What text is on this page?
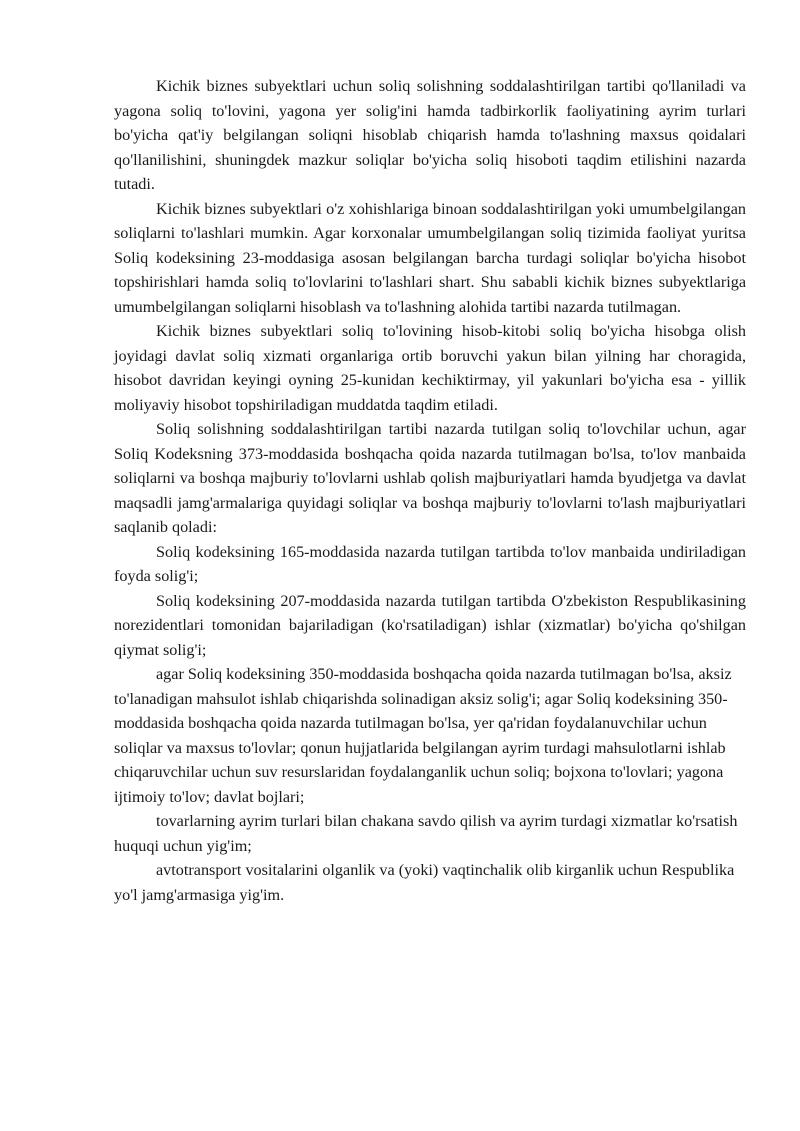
Kichik biznes subyektlari uchun soliq solishning soddalashtirilgan tartibi qo'llaniladi va yagona soliq to'lovini, yagona yer solig'ini hamda tadbirkorlik faoliyatining ayrim turlari bo'yicha qat'iy belgilangan soliqni hisoblab chiqarish hamda to'lashning maxsus qoidalari qo'llanilishini, shuningdek mazkur soliqlar bo'yicha soliq hisoboti taqdim etilishini nazarda tutadi.

Kichik biznes subyektlari o'z xohishlariga binoan soddalashtirilgan yoki umumbelgilangan soliqlarni to'lashlari mumkin. Agar korxonalar umumbelgilangan soliq tizimida faoliyat yuritsa Soliq kodeksining 23-moddasiga asosan belgilangan barcha turdagi soliqlar bo'yicha hisobot topshirishlari hamda soliq to'lovlarini to'lashlari shart. Shu sababli kichik biznes subyektlariga umumbelgilangan soliqlarni hisoblash va to'lashning alohida tartibi nazarda tutilmagan.

Kichik biznes subyektlari soliq to'lovining hisob-kitobi soliq bo'yicha hisobga olish joyidagi davlat soliq xizmati organlariga ortib boruvchi yakun bilan yilning har choragida, hisobot davridan keyingi oyning 25-kunidan kechiktirmay, yil yakunlari bo'yicha esa - yillik moliyaviy hisobot topshiriladigan muddatda taqdim etiladi.

Soliq solishning soddalashtirilgan tartibi nazarda tutilgan soliq to'lovchilar uchun, agar Soliq Kodeksning 373-moddasida boshqacha qoida nazarda tutilmagan bo'lsa, to'lov manbaida soliqlarni va boshqa majburiy to'lovlarni ushlab qolish majburiyatlari hamda byudjetga va davlat maqsadli jamg'armalariga quyidagi soliqlar va boshqa majburiy to'lovlarni to'lash majburiyatlari saqlanib qoladi:

Soliq kodeksining 165-moddasida nazarda tutilgan tartibda to'lov manbaida undiriladigan foyda solig'i;

Soliq kodeksining 207-moddasida nazarda tutilgan tartibda O'zbekiston Respublikasining norezidentlari tomonidan bajariladigan (ko'rsatiladigan) ishlar (xizmatlar) bo'yicha qo'shilgan qiymat solig'i;

agar Soliq kodeksining 350-moddasida boshqacha qoida nazarda tutilmagan bo'lsa, aksiz to'lanadigan mahsulot ishlab chiqarishda solinadigan aksiz solig'i; agar Soliq kodeksining 350-moddasida boshqacha qoida nazarda tutilmagan bo'lsa, yer qa'ridan foydalanuvchilar uchun soliqlar va maxsus to'lovlar; qonun hujjatlarida belgilangan ayrim turdagi mahsulotlarni ishlab chiqaruvchilar uchun suv resurslaridan foydalanganlik uchun soliq; bojxona to'lovlari; yagona ijtimoiy to'lov; davlat bojlari;

tovarlarning ayrim turlari bilan chakana savdo qilish va ayrim turdagi xizmatlar ko'rsatish huquqi uchun yig'im;

avtotransport vositalarini olganlik va (yoki) vaqtinchalik olib kirganlik uchun Respublika yo'l jamg'armasiga yig'im.
